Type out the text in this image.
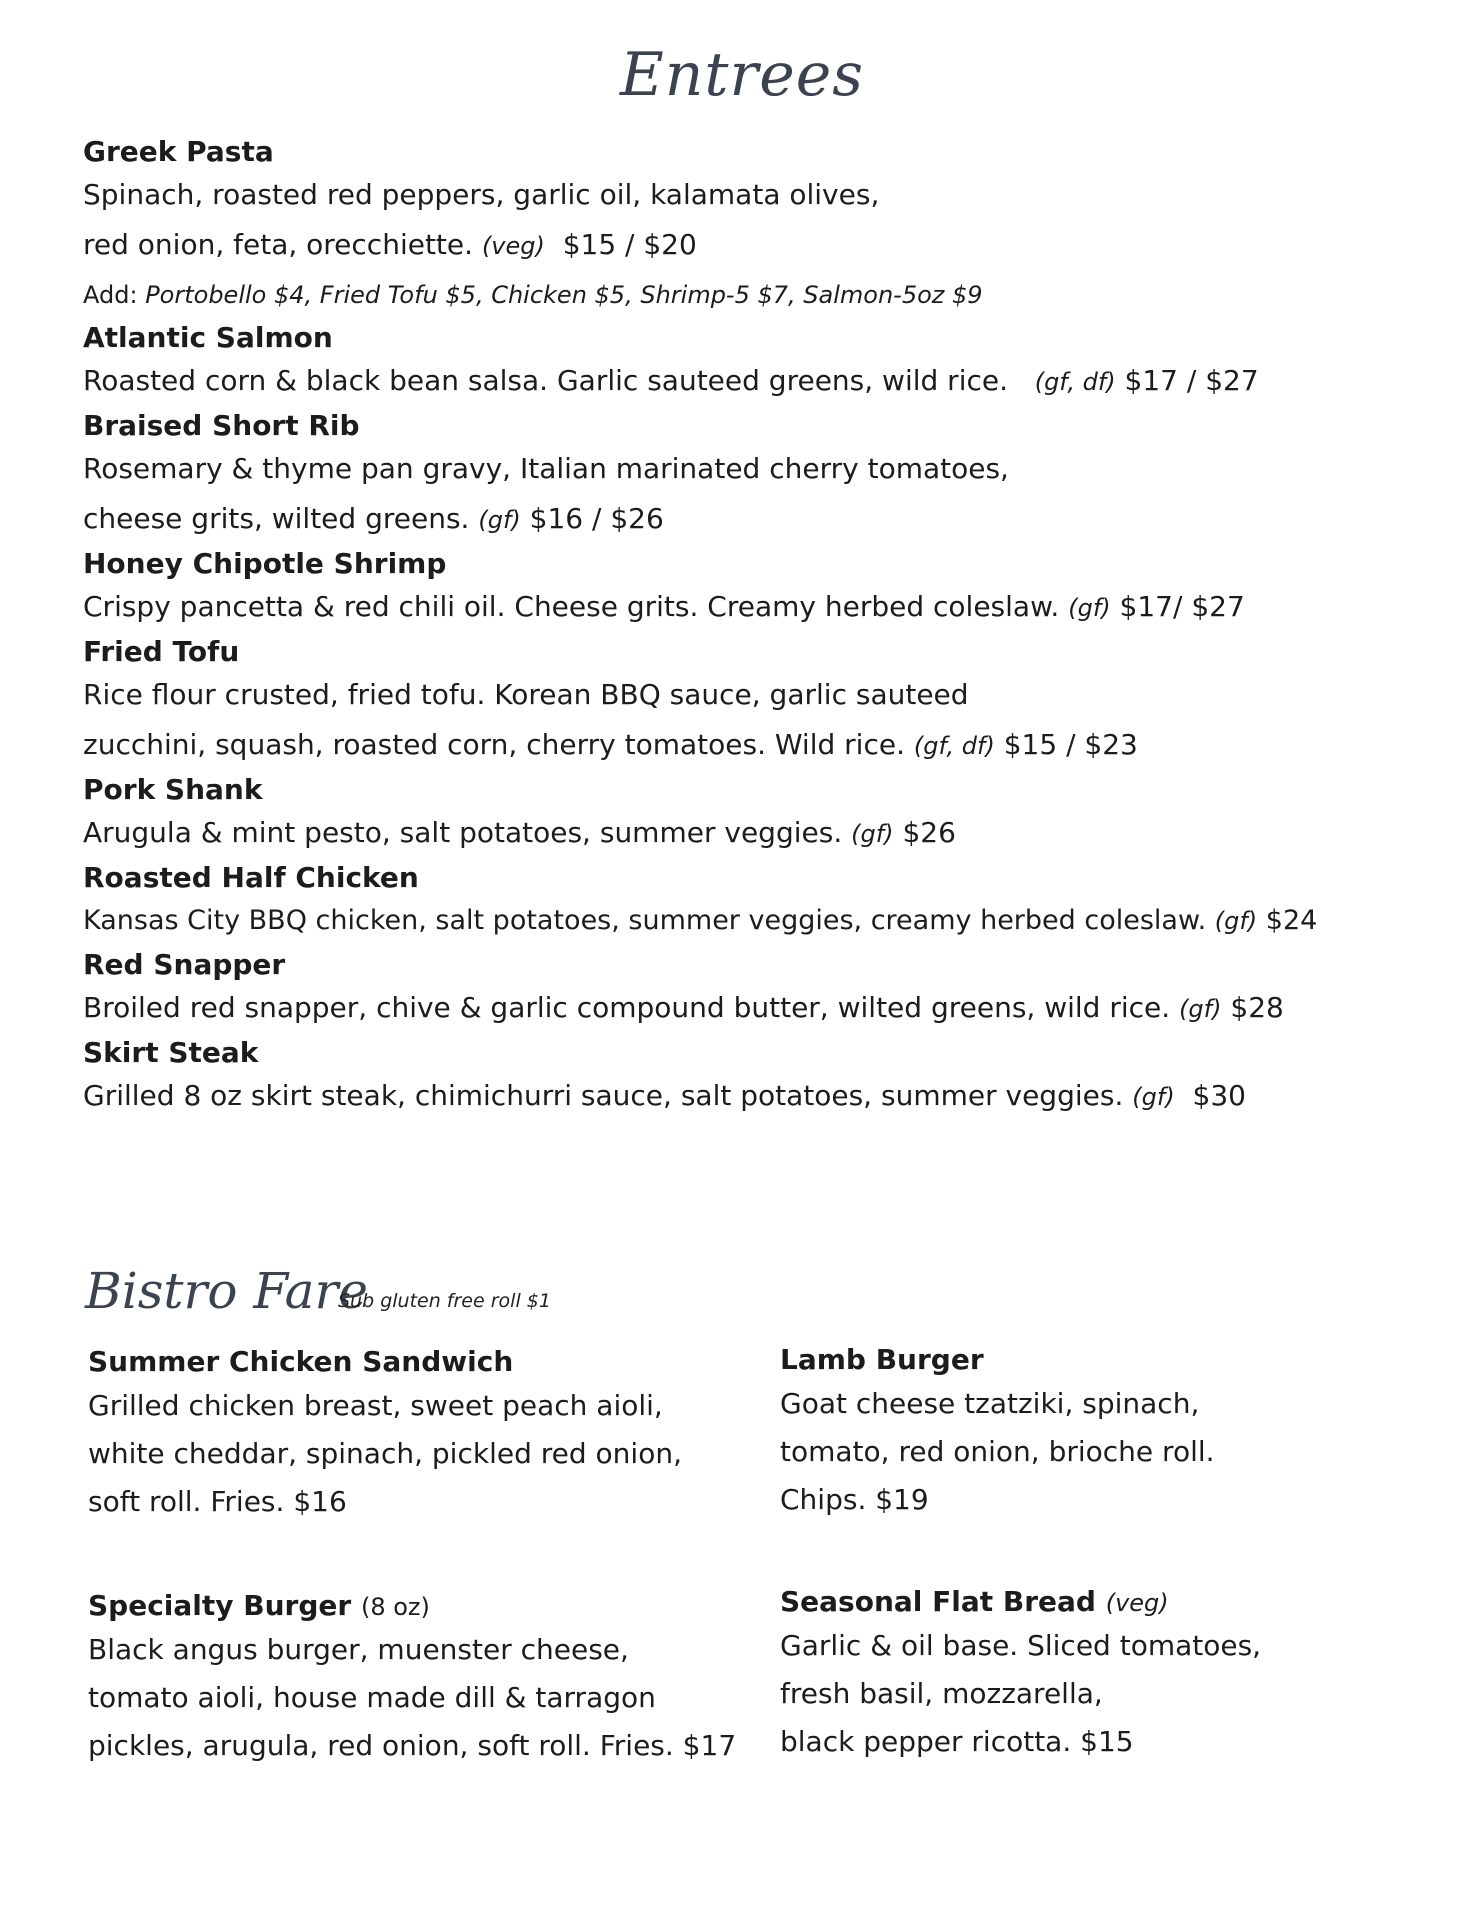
Entrees

Greek Pasta

Spinach, roasted red peppers, garlic oil, kalamata olives,

red onion, feta, orecchiette. (veg) $15 / $20

Add: Portobello $4, Fried Tofu $5, Chicken $5, Shrimp-5 $7, Salmon-5oz $9

Atlantic Salmon

Roasted corn & black bean salsa. Garlic sauteed greens, wild rice. (gf, df) $17 / $27

Braised Short Rib

Rosemary & thyme pan gravy, Italian marinated cherry tomatoes,

cheese grits, wilted greens. (gf) $16 / $26

Honey Chipotle Shrimp

Crispy pancetta & red chili oil. Cheese grits. Creamy herbed coleslaw. (gf) $17/ $27

Fried Tofu

Rice flour crusted, fried tofu. Korean BBQ sauce, garlic sauteed

zucchini, squash, roasted corn, cherry tomatoes. Wild rice. (gf, df) $15 / $23

Pork Shank

Arugula & mint pesto, salt potatoes, summer veggies. (gf) $26

Roasted Half Chicken

Kansas City BBQ chicken, salt potatoes, summer veggies, creamy herbed coleslaw. (gf) $24

Red Snapper

Broiled red snapper, chive & garlic compound butter, wilted greens, wild rice. (gf) $28

Skirt Steak

Grilled 8 oz skirt steak, chimichurri sauce, salt potatoes, summer veggies. (gf) $30

Bistro Fare
Sub gluten free roll $1

Summer Chicken Sandwich

Grilled chicken breast, sweet peach aioli,

white cheddar, spinach, pickled red onion,

soft roll. Fries. $16

Lamb Burger

Goat cheese tzatziki, spinach,

tomato, red onion, brioche roll.

Chips. $19

Specialty Burger (8 oz)

Black angus burger, muenster cheese,

tomato aioli, house made dill & tarragon

pickles, arugula, red onion, soft roll. Fries. $17

Seasonal Flat Bread (veg)

Garlic & oil base. Sliced tomatoes,

fresh basil, mozzarella,

black pepper ricotta. $15
